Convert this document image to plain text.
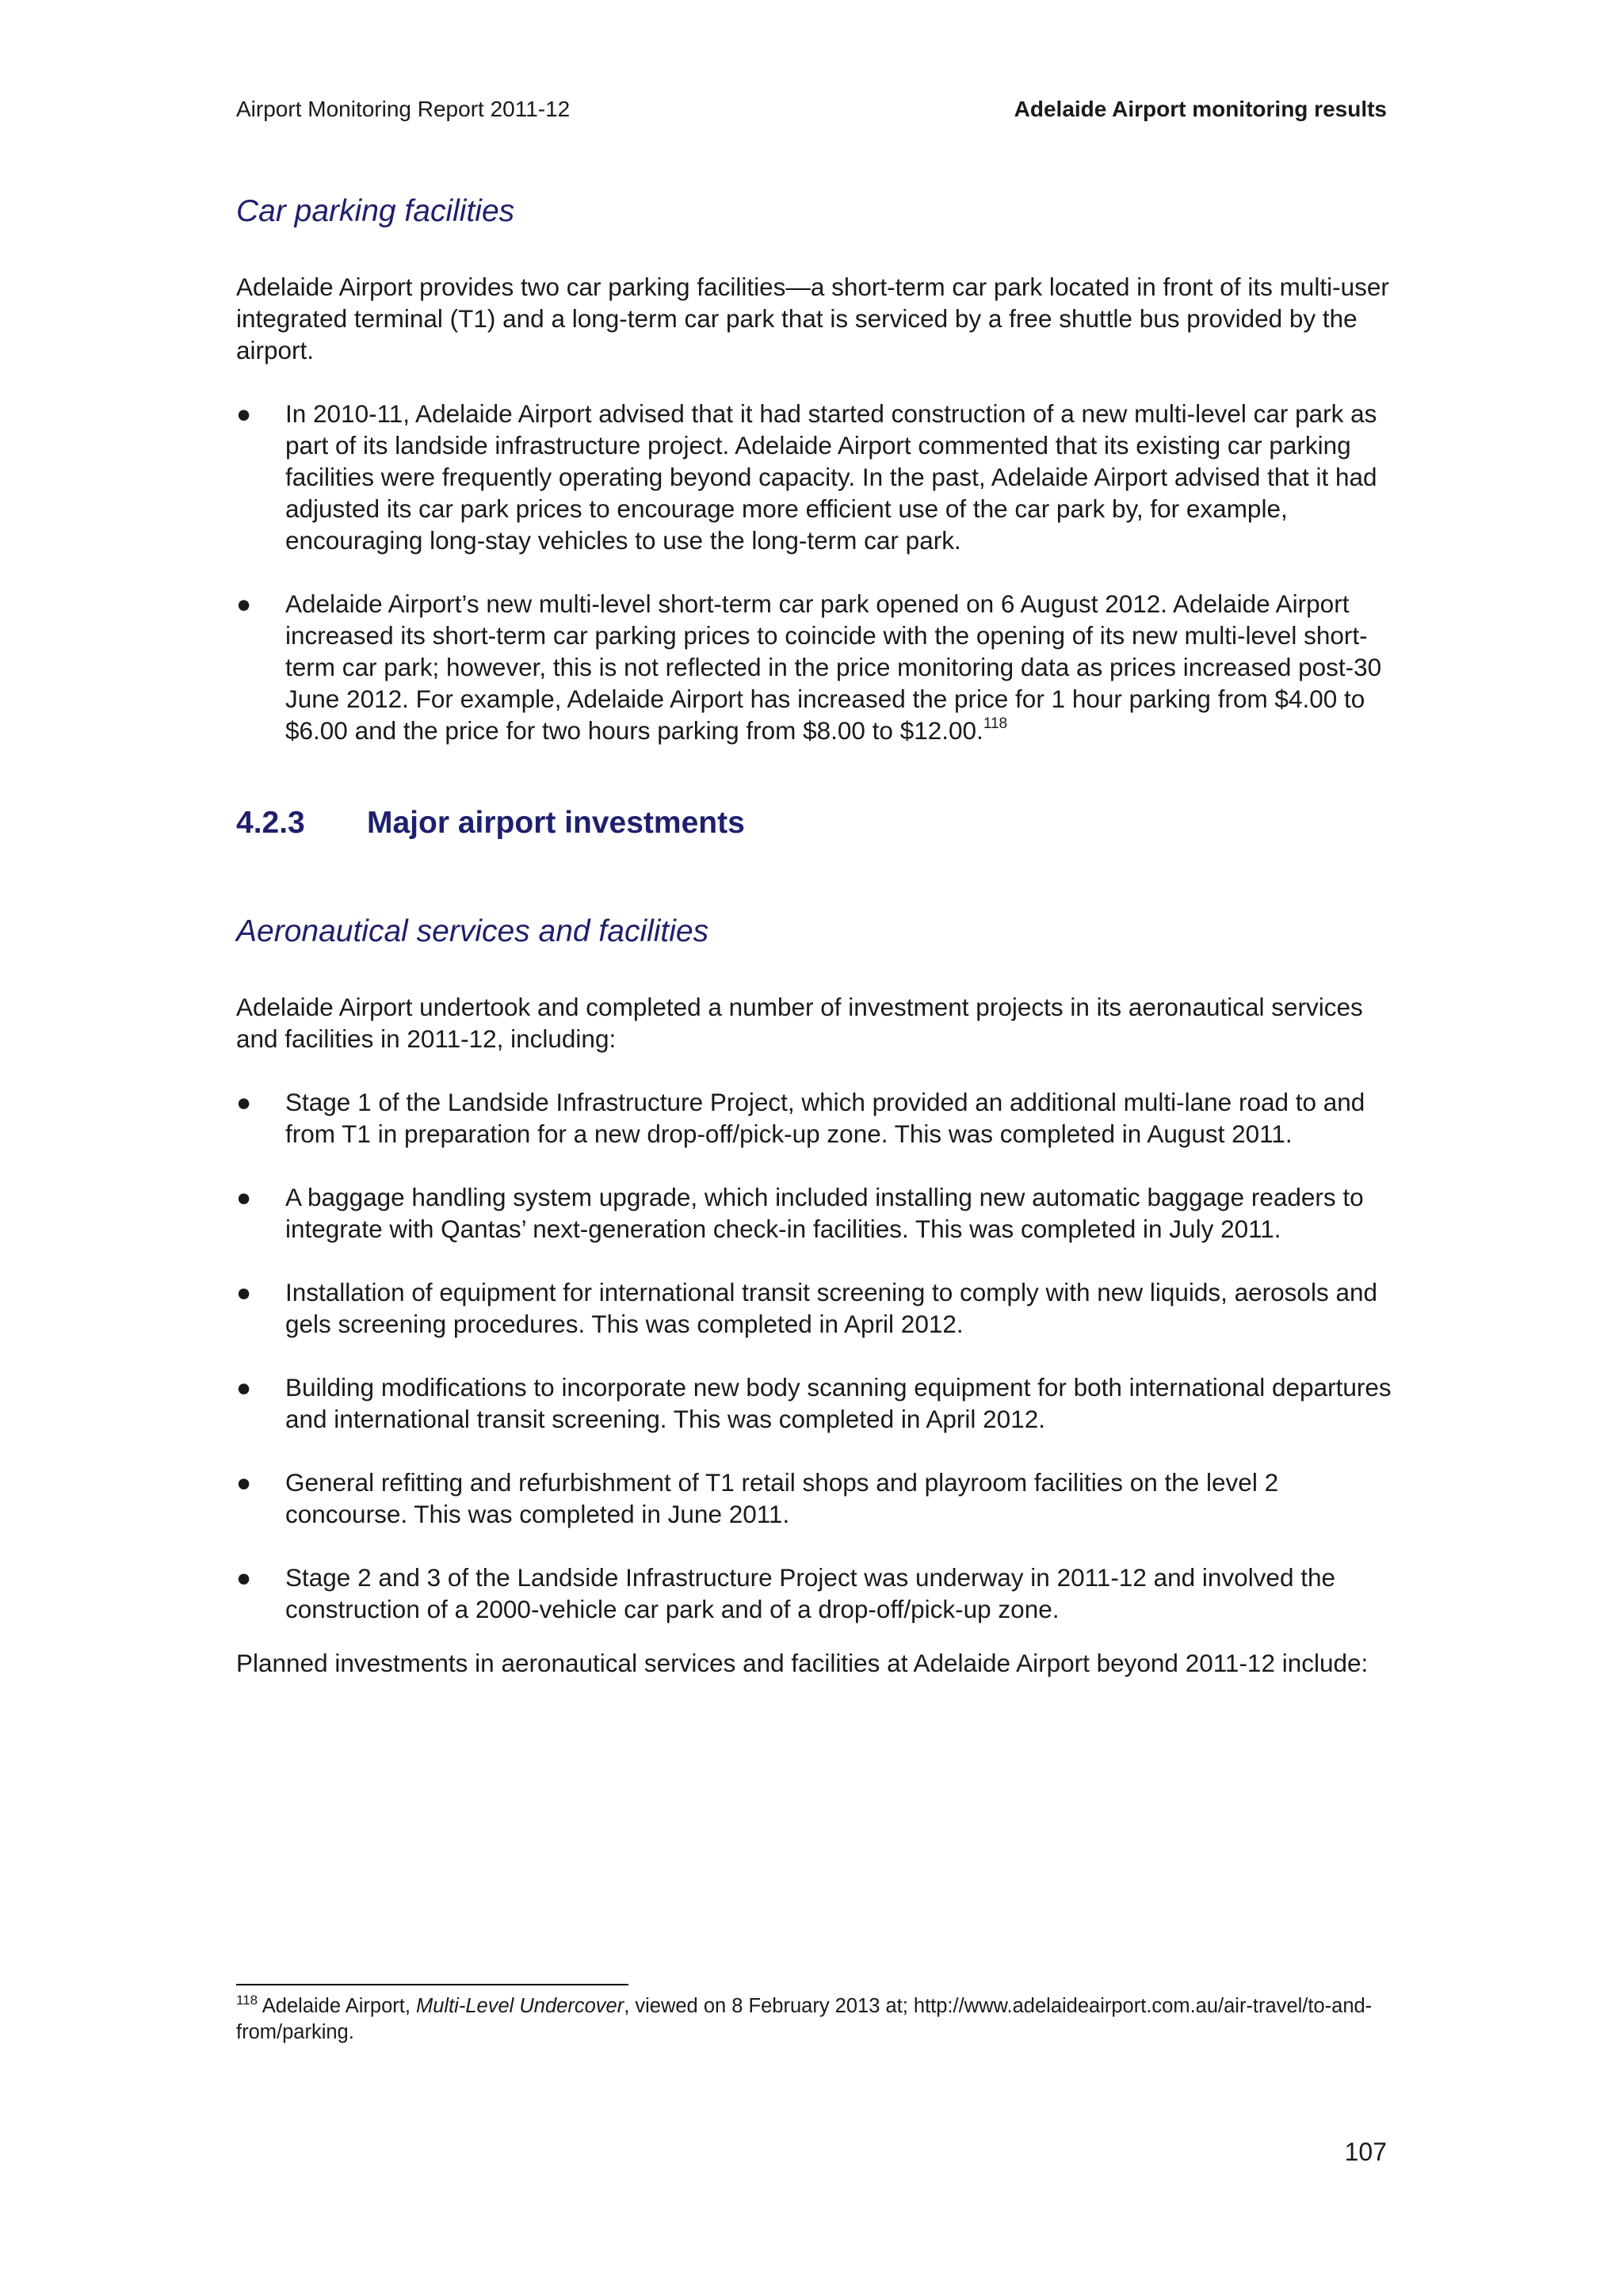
Airport Monitoring Report 2011-12	Adelaide Airport monitoring results
Car parking facilities

Adelaide Airport provides two car parking facilities—a short-term car park located in front of its multi-user integrated terminal (T1) and a long-term car park that is serviced by a free shuttle bus provided by the airport.

● In 2010-11, Adelaide Airport advised that it had started construction of a new multi-level car park as part of its landside infrastructure project. Adelaide Airport commented that its existing car parking facilities were frequently operating beyond capacity. In the past, Adelaide Airport advised that it had adjusted its car park prices to encourage more efficient use of the car park by, for example, encouraging long-stay vehicles to use the long-term car park.
● Adelaide Airport’s new multi-level short-term car park opened on 6 August 2012. Adelaide Airport increased its short-term car parking prices to coincide with the opening of its new multi-level short-term car park; however, this is not reflected in the price monitoring data as prices increased post-30 June 2012. For example, Adelaide Airport has increased the price for 1 hour parking from $4.00 to $6.00 and the price for two hours parking from $8.00 to $12.00.$^{118}$
4.2.3	Major airport investments
Aeronautical services and facilities

Adelaide Airport undertook and completed a number of investment projects in its aeronautical services and facilities in 2011-12, including:

● Stage 1 of the Landside Infrastructure Project, which provided an additional multi-lane road to and from T1 in preparation for a new drop-off/pick-up zone. This was completed in August 2011.
● A baggage handling system upgrade, which included installing new automatic baggage readers to integrate with Qantas’ next-generation check-in facilities. This was completed in July 2011.
● Installation of equipment for international transit screening to comply with new liquids, aerosols and gels screening procedures. This was completed in April 2012.
● Building modifications to incorporate new body scanning equipment for both international departures and international transit screening. This was completed in April 2012.
● General refitting and refurbishment of T1 retail shops and playroom facilities on the level 2 concourse. This was completed in June 2011.
● Stage 2 and 3 of the Landside Infrastructure Project was underway in 2011-12 and involved the construction of a 2000-vehicle car park and of a drop-off/pick-up zone.

Planned investments in aeronautical services and facilities at Adelaide Airport beyond 2011-12 include:

$^{118}$ Adelaide Airport, Multi-Level Undercover, viewed on 8 February 2013 at; http://www.adelaideairport.com.au/air-travel/to-and-from/parking.
107
